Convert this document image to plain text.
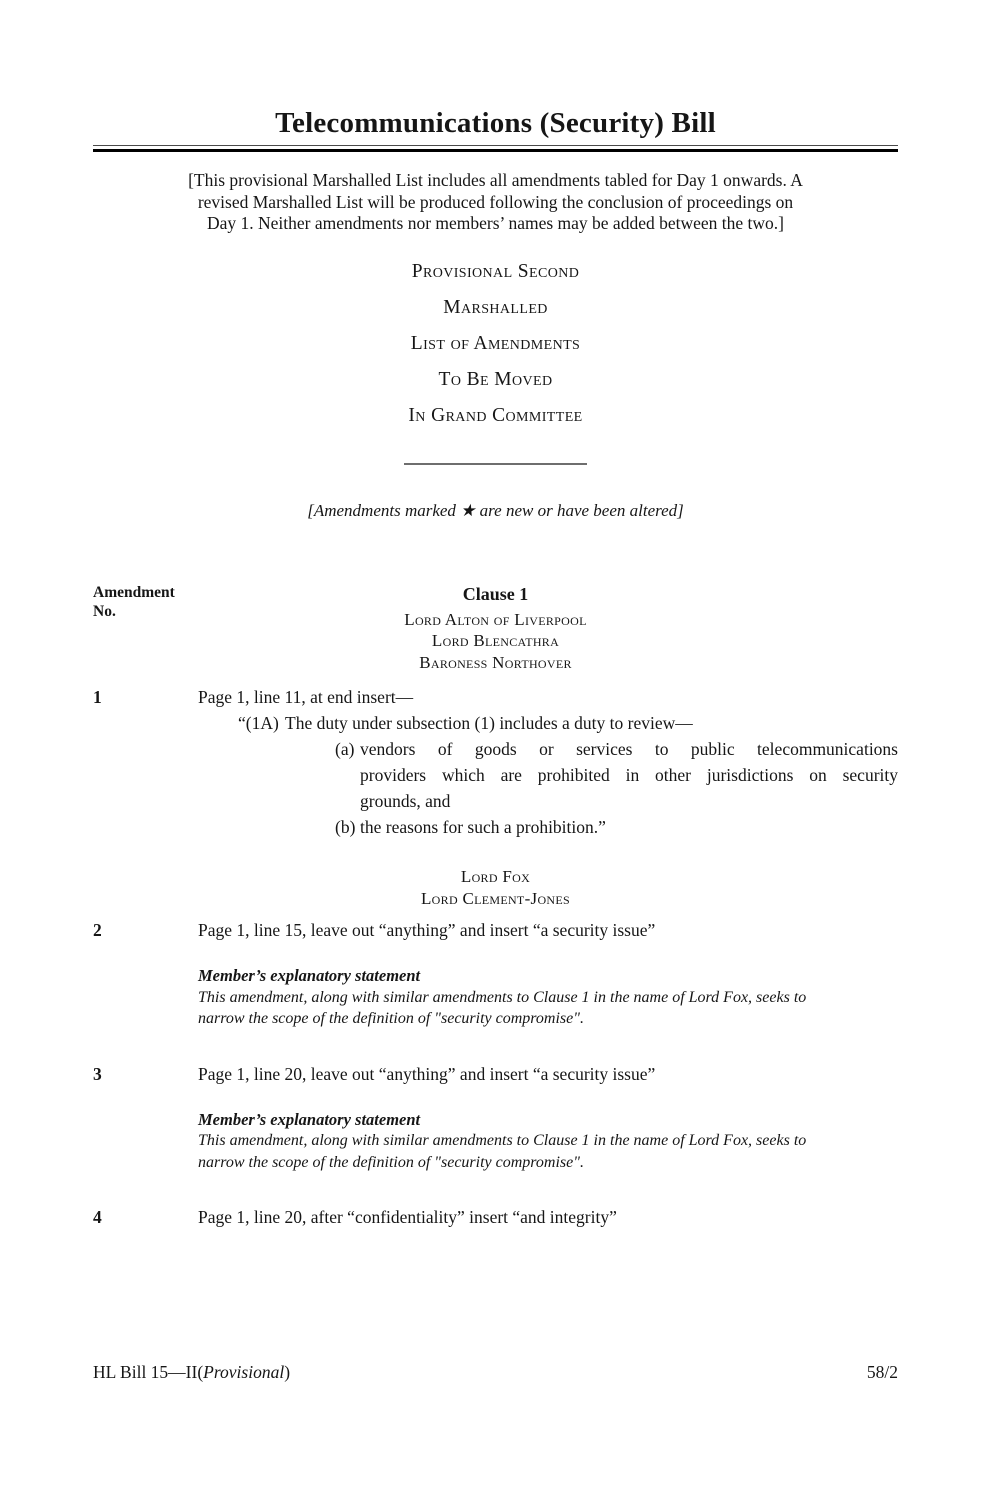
Telecommunications (Security) Bill
[This provisional Marshalled List includes all amendments tabled for Day 1 onwards. A
revised Marshalled List will be produced following the conclusion of proceedings on
Day 1. Neither amendments nor members’ names may be added between the two.]
Provisional Second
Marshalled
List of Amendments
To Be Moved
In Grand Committee
[Amendments marked ★ are new or have been altered]
Amendment
No.
Clause 1
Lord Alton of Liverpool
Lord Blencathra
Baroness Northover
1	Page 1, line 11, at end insert—
“(1A) The duty under subsection (1) includes a duty to review—
(a) vendors of goods or services to public telecommunications
providers which are prohibited in other jurisdictions on security
grounds, and
(b) the reasons for such a prohibition.”
Lord Fox
Lord Clement-Jones
2	Page 1, line 15, leave out “anything” and insert “a security issue”
Member’s explanatory statement
This amendment, along with similar amendments to Clause 1 in the name of Lord Fox, seeks to
narrow the scope of the definition of "security compromise".
3	Page 1, line 20, leave out “anything” and insert “a security issue”
Member’s explanatory statement
This amendment, along with similar amendments to Clause 1 in the name of Lord Fox, seeks to
narrow the scope of the definition of "security compromise".
4	Page 1, line 20, after “confidentiality” insert “and integrity”
HL Bill 15—II(Provisional)	58/2
